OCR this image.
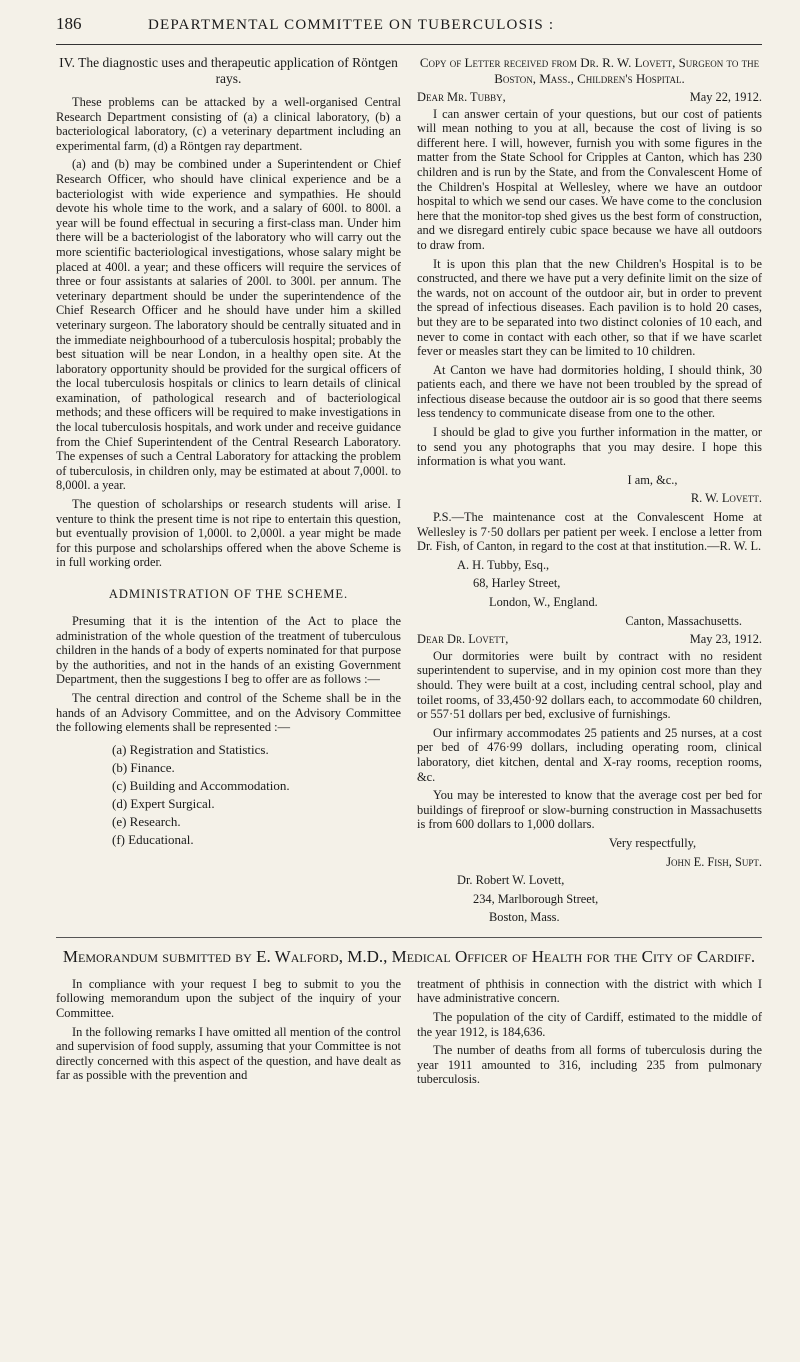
186	DEPARTMENTAL COMMITTEE ON TUBERCULOSIS :
IV. The diagnostic uses and therapeutic application of Röntgen rays.

These problems can be attacked by a well-organised Central Research Department consisting of (a) a clinical laboratory, (b) a bacteriological laboratory, (c) a veterinary department including an experimental farm, (d) a Röntgen ray department.

(a) and (b) may be combined under a Superintendent or Chief Research Officer, who should have clinical experience and be a bacteriologist with wide experience and sympathies. He should devote his whole time to the work, and a salary of 600l. to 800l. a year will be found effectual in securing a first-class man. Under him there will be a bacteriologist of the laboratory who will carry out the more scientific bacteriological investigations, whose salary might be placed at 400l. a year; and these officers will require the services of three or four assistants at salaries of 200l. to 300l. per annum. The veterinary department should be under the superintendence of the Chief Research Officer and he should have under him a skilled veterinary surgeon. The laboratory should be centrally situated and in the immediate neighbourhood of a tuberculosis hospital; probably the best situation will be near London, in a healthy open site. At the laboratory opportunity should be provided for the surgical officers of the local tuberculosis hospitals or clinics to learn details of clinical examination, of pathological research and of bacteriological methods; and these officers will be required to make investigations in the local tuberculosis hospitals, and work under and receive guidance from the Chief Superintendent of the Central Research Laboratory. The expenses of such a Central Laboratory for attacking the problem of tuberculosis, in children only, may be estimated at about 7,000l. to 8,000l. a year.

The question of scholarships or research students will arise. I venture to think the present time is not ripe to entertain this question, but eventually provision of 1,000l. to 2,000l. a year might be made for this purpose and scholarships offered when the above Scheme is in full working order.

ADMINISTRATION OF THE SCHEME.

Presuming that it is the intention of the Act to place the administration of the whole question of the treatment of tuberculous children in the hands of a body of experts nominated for that purpose by the authorities, and not in the hands of an existing Government Department, then the suggestions I beg to offer are as follows :—

The central direction and control of the Scheme shall be in the hands of an Advisory Committee, and on the Advisory Committee the following elements shall be represented :—

(a) Registration and Statistics.
(b) Finance.
(c) Building and Accommodation.
(d) Expert Surgical.
(e) Research.
(f) Educational.
Copy of Letter received from Dr. R. W. Lovett, Surgeon to the Boston, Mass., Children's Hospital.
Dear Mr. Tubby,	May 22, 1912.

I can answer certain of your questions, but our cost of patients will mean nothing to you at all, because the cost of living is so different here. I will, however, furnish you with some figures in the matter from the State School for Cripples at Canton, which has 230 children and is run by the State, and from the Convalescent Home of the Children's Hospital at Wellesley, where we have an outdoor hospital to which we send our cases. We have come to the conclusion here that the monitor-top shed gives us the best form of construction, and we disregard entirely cubic space because we have all outdoors to draw from.

It is upon this plan that the new Children's Hospital is to be constructed, and there we have put a very definite limit on the size of the wards, not on account of the outdoor air, but in order to prevent the spread of infectious diseases. Each pavilion is to hold 20 cases, but they are to be separated into two distinct colonies of 10 each, and never to come in contact with each other, so that if we have scarlet fever or measles start they can be limited to 10 children.

At Canton we have had dormitories holding, I should think, 30 patients each, and there we have not been troubled by the spread of infectious disease because the outdoor air is so good that there seems less tendency to communicate disease from one to the other.

I should be glad to give you further information in the matter, or to send you any photographs that you may desire. I hope this information is what you want.

I am, &c.,

R. W. Lovett.

P.S.—The maintenance cost at the Convalescent Home at Wellesley is 7·50 dollars per patient per week. I enclose a letter from Dr. Fish, of Canton, in regard to the cost at that institution.—R. W. L.

A. H. Tubby, Esq.,

68, Harley Street,

London, W., England.

Canton, Massachusetts.

Dear Dr. Lovett,	May 23, 1912.

Our dormitories were built by contract with no resident superintendent to supervise, and in my opinion cost more than they should. They were built at a cost, including central school, play and toilet rooms, of 33,450·92 dollars each, to accommodate 60 children, or 557·51 dollars per bed, exclusive of furnishings.

Our infirmary accommodates 25 patients and 25 nurses, at a cost per bed of 476·99 dollars, including operating room, clinical laboratory, diet kitchen, dental and X-ray rooms, reception rooms, &c.

You may be interested to know that the average cost per bed for buildings of fireproof or slow-burning construction in Massachusetts is from 600 dollars to 1,000 dollars.

Very respectfully,

John E. Fish, Supt.

Dr. Robert W. Lovett,

234, Marlborough Street,

Boston, Mass.

Memorandum submitted by E. Walford, M.D., Medical Officer of Health for the City of Cardiff.

In compliance with your request I beg to submit to you the following memorandum upon the subject of the inquiry of your Committee.

In the following remarks I have omitted all mention of the control and supervision of food supply, assuming that your Committee is not directly concerned with this aspect of the question, and have dealt as far as possible with the prevention and

treatment of phthisis in connection with the district with which I have administrative concern.

The population of the city of Cardiff, estimated to the middle of the year 1912, is 184,636.

The number of deaths from all forms of tuberculosis during the year 1911 amounted to 316, including 235 from pulmonary tuberculosis.
